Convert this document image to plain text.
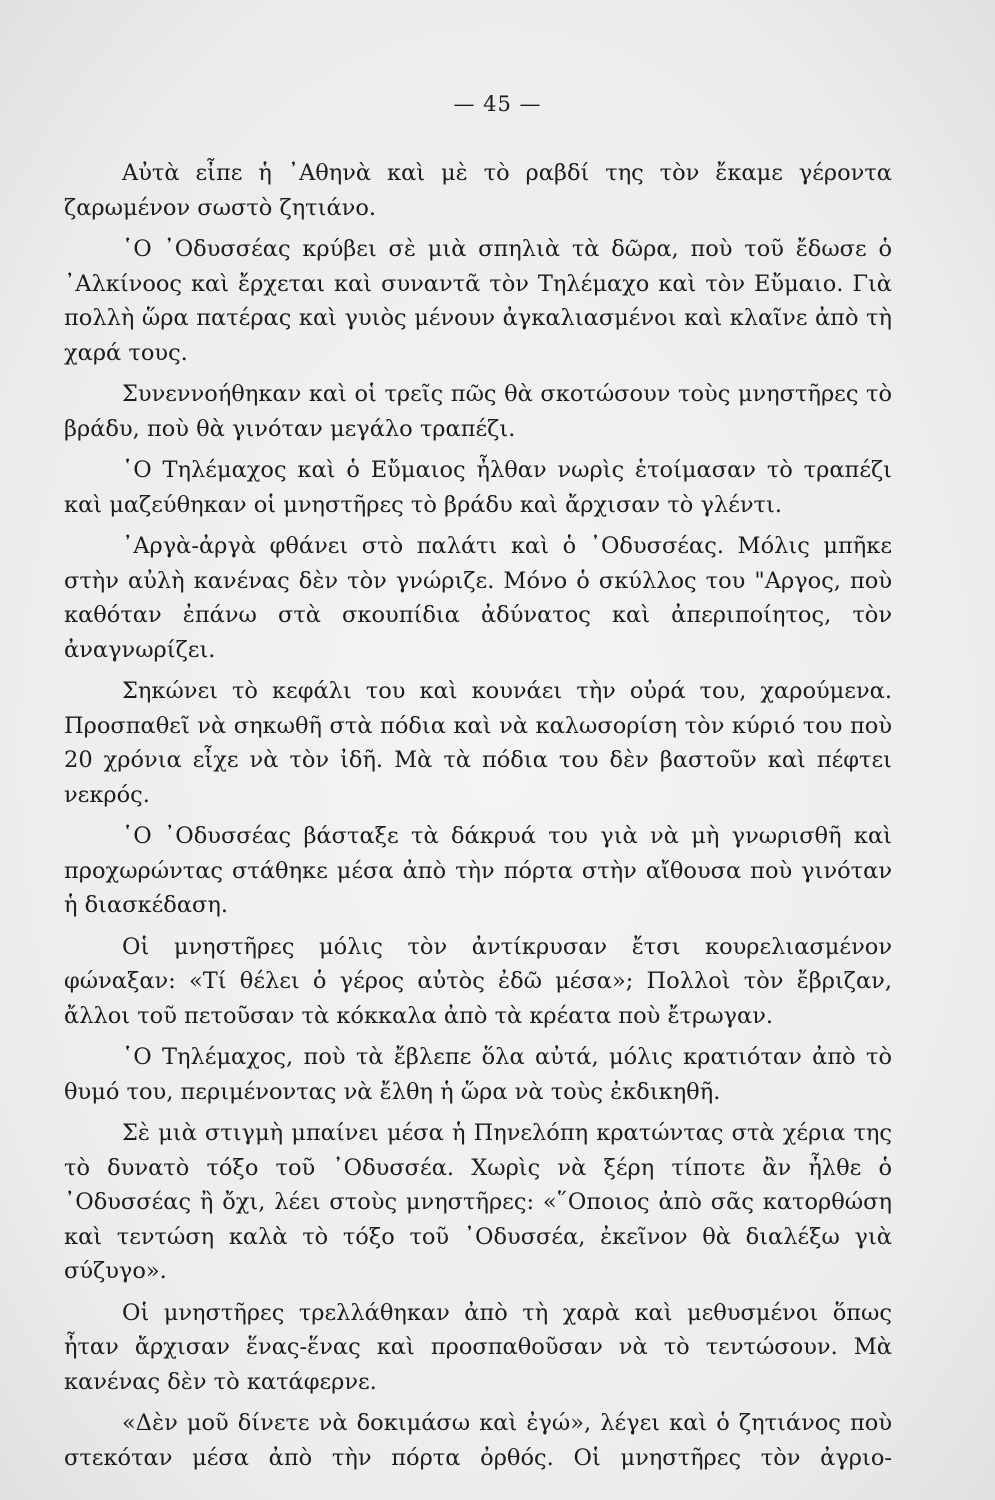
— 45 —

Αὐτὰ εἶπε ἡ ᾿Αθηνὰ καὶ μὲ τὸ ραβδί της τὸν ἔκαμε γέροντα ζαρωμένον σωστὸ ζητιάνο.

῾Ο ᾿Οδυσσέας κρύβει σὲ μιὰ σπηλιὰ τὰ δῶρα, ποὺ τοῦ ἔδωσε ὁ ᾿Αλκίνοος καὶ ἔρχεται καὶ συναντᾶ τὸν Τηλέμαχο καὶ τὸν Εὔμαιο. Γιὰ πολλὴ ὥρα πατέρας καὶ γυιὸς μένουν ἀγκαλιασμένοι καὶ κλαῖνε ἀπὸ τὴ χαρά τους.

Συνεννοήθηκαν καὶ οἱ τρεῖς πῶς θὰ σκοτώσουν τοὺς μνηστῆρες τὸ βράδυ, ποὺ θὰ γινόταν μεγάλο τραπέζι.

῾Ο Τηλέμαχος καὶ ὁ Εὔμαιος ἦλθαν νωρὶς ἑτοίμασαν τὸ τραπέζι καὶ μαζεύθηκαν οἱ μνηστῆρες τὸ βράδυ καὶ ἄρχισαν τὸ γλέντι.

᾿Αργὰ-ἀργὰ φθάνει στὸ παλάτι καὶ ὁ ᾿Οδυσσέας. Μόλις μπῆκε στὴν αὐλὴ κανένας δὲν τὸν γνώριζε. Μόνο ὁ σκύλλος του "Αργος, ποὺ καθόταν ἐπάνω στὰ σκουπίδια ἀδύνατος καὶ ἀπεριποίητος, τὸν ἀναγνωρίζει.

Σηκώνει τὸ κεφάλι του καὶ κουνάει τὴν οὐρά του, χαρούμενα. Προσπαθεῖ νὰ σηκωθῆ στὰ πόδια καὶ νὰ καλωσορίση τὸν κύριό του ποὺ 20 χρόνια εἶχε νὰ τὸν ἰδῆ. Μὰ τὰ πόδια του δὲν βαστοῦν καὶ πέφτει νεκρός.

῾Ο ᾿Οδυσσέας βάσταξε τὰ δάκρυά του γιὰ νὰ μὴ γνωρισθῆ καὶ προχωρώντας στάθηκε μέσα ἀπὸ τὴν πόρτα στὴν αἴθουσα ποὺ γινόταν ἡ διασκέδαση.

Οἱ μνηστῆρες μόλις τὸν ἀντίκρυσαν ἔτσι κουρελιασμένον φώναξαν: «Τί θέλει ὁ γέρος αὐτὸς ἐδῶ μέσα»; Πολλοὶ τὸν ἔβριζαν, ἄλλοι τοῦ πετοῦσαν τὰ κόκκαλα ἀπὸ τὰ κρέατα ποὺ ἔτρωγαν.

῾Ο Τηλέμαχος, ποὺ τὰ ἔβλεπε ὅλα αὐτά, μόλις κρατιόταν ἀπὸ τὸ θυμό του, περιμένοντας νὰ ἔλθη ἡ ὥρα νὰ τοὺς ἐκδικηθῆ.

Σὲ μιὰ στιγμὴ μπαίνει μέσα ἡ Πηνελόπη κρατώντας στὰ χέρια της τὸ δυνατὸ τόξο τοῦ ᾿Οδυσσέα. Χωρὶς νὰ ξέρη τίποτε ἂν ἦλθε ὁ ᾿Οδυσσέας ἢ ὄχι, λέει στοὺς μνηστῆρες: «῞Οποιος ἀπὸ σᾶς κατορθώση καὶ τεντώση καλὰ τὸ τόξο τοῦ ᾿Οδυσσέα, ἐκεῖνον θὰ διαλέξω γιὰ σύζυγο».

Οἱ μνηστῆρες τρελλάθηκαν ἀπὸ τὴ χαρὰ καὶ μεθυσμένοι ὅπως ἦταν ἄρχισαν ἕνας-ἕνας καὶ προσπαθοῦσαν νὰ τὸ τεντώσουν. Μὰ κανένας δὲν τὸ κατάφερνε.

«Δὲν μοῦ δίνετε νὰ δοκιμάσω καὶ ἐγώ», λέγει καὶ ὁ ζητιάνος ποὺ στεκόταν μέσα ἀπὸ τὴν πόρτα ὀρθός. Οἱ μνηστῆρες τὸν ἀγριο-
